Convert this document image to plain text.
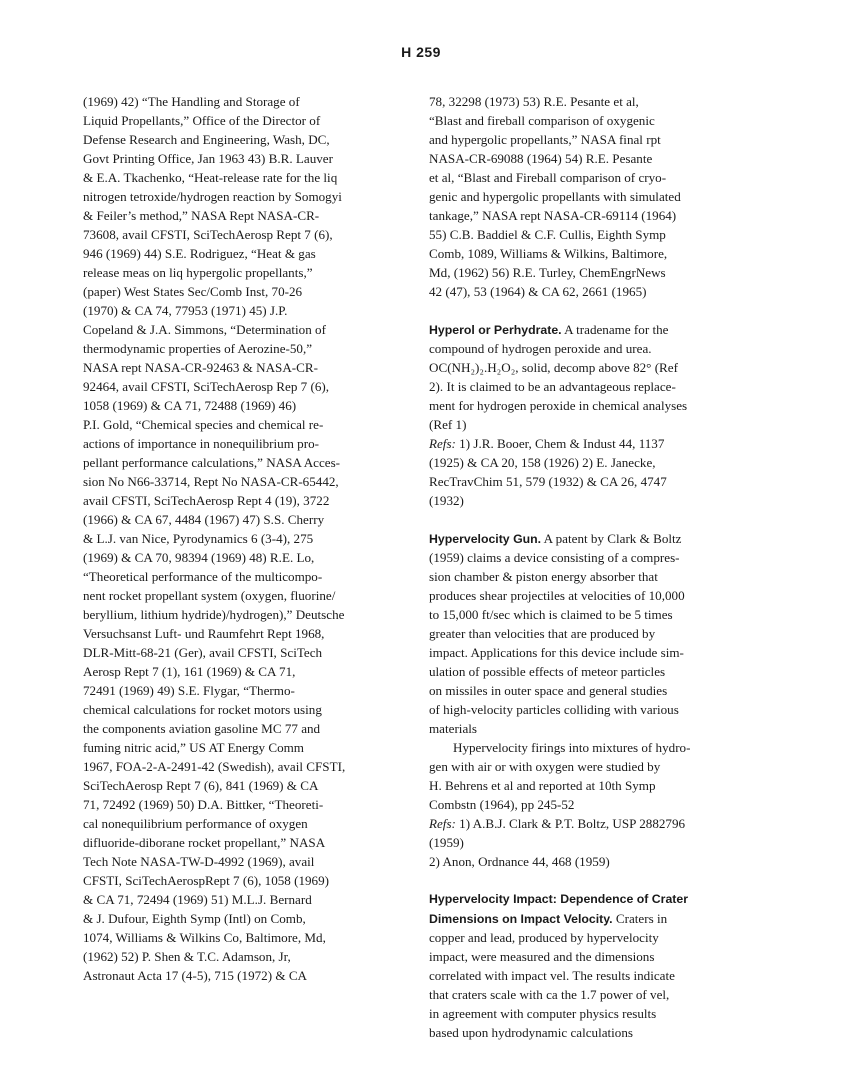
H 259
(1969) 42) “The Handling and Storage of
Liquid Propellants,” Office of the Director of
Defense Research and Engineering, Wash, DC,
Govt Printing Office, Jan 1963 43) B.R. Lauver
& E.A. Tkachenko, “Heat-release rate for the liq
nitrogen tetroxide/hydrogen reaction by Somogyi
& Feiler’s method,” NASA Rept NASA-CR-
73608, avail CFSTI, SciTechAerosp Rept 7 (6),
946 (1969) 44) S.E. Rodriguez, “Heat & gas
release meas on liq hypergolic propellants,”
(paper) West States Sec/Comb Inst, 70-26
(1970) & CA 74, 77953 (1971) 45) J.P.
Copeland & J.A. Simmons, “Determination of
thermodynamic properties of Aerozine-50,”
NASA rept NASA-CR-92463 & NASA-CR-
92464, avail CFSTI, SciTechAerosp Rep 7 (6),
1058 (1969) & CA 71, 72488 (1969) 46)
P.I. Gold, “Chemical species and chemical re-
actions of importance in nonequilibrium pro-
pellant performance calculations,” NASA Acces-
sion No N66-33714, Rept No NASA-CR-65442,
avail CFSTI, SciTechAerosp Rept 4 (19), 3722
(1966) & CA 67, 4484 (1967) 47) S.S. Cherry
& L.J. van Nice, Pyrodynamics 6 (3-4), 275
(1969) & CA 70, 98394 (1969) 48) R.E. Lo,
“Theoretical performance of the multicompo-
nent rocket propellant system (oxygen, fluorine/
beryllium, lithium hydride)/hydrogen),” Deutsche
Versuchsanst Luft- und Raumfehrt Rept 1968,
DLR-Mitt-68-21 (Ger), avail CFSTI, SciTech
Aerosp Rept 7 (1), 161 (1969) & CA 71,
72491 (1969) 49) S.E. Flygar, “Thermo-
chemical calculations for rocket motors using
the components aviation gasoline MC 77 and
fuming nitric acid,” US AT Energy Comm
1967, FOA-2-A-2491-42 (Swedish), avail CFSTI,
SciTechAerosp Rept 7 (6), 841 (1969) & CA
71, 72492 (1969) 50) D.A. Bittker, “Theoreti-
cal nonequilibrium performance of oxygen
difluoride-diborane rocket propellant,” NASA
Tech Note NASA-TW-D-4992 (1969), avail
CFSTI, SciTechAerospRept 7 (6), 1058 (1969)
& CA 71, 72494 (1969) 51) M.L.J. Bernard
& J. Dufour, Eighth Symp (Intl) on Comb,
1074, Williams & Wilkins Co, Baltimore, Md,
(1962) 52) P. Shen & T.C. Adamson, Jr,
Astronaut Acta 17 (4-5), 715 (1972) & CA
78, 32298 (1973) 53) R.E. Pesante et al,
“Blast and fireball comparison of oxygenic
and hypergolic propellants,” NASA final rpt
NASA-CR-69088 (1964) 54) R.E. Pesante
et al, “Blast and Fireball comparison of cryo-
genic and hypergolic propellants with simulated
tankage,” NASA rept NASA-CR-69114 (1964)
55) C.B. Baddiel & C.F. Cullis, Eighth Symp
Comb, 1089, Williams & Wilkins, Baltimore,
Md, (1962) 56) R.E. Turley, ChemEngrNews
42 (47), 53 (1964) & CA 62, 2661 (1965)
Hyperol or Perhydrate. A tradename for the
compound of hydrogen peroxide and urea.
OC(NH₂)₂.H₂O₂, solid, decomp above 82° (Ref
2). It is claimed to be an advantageous replace-
ment for hydrogen peroxide in chemical analyses
(Ref 1)
Refs: 1) J.R. Booer, Chem & Indust 44, 1137
(1925) & CA 20, 158 (1926) 2) E. Janecke,
RecTravChim 51, 579 (1932) & CA 26, 4747
(1932)
Hypervelocity Gun. A patent by Clark & Boltz
(1959) claims a device consisting of a compres-
sion chamber & piston energy absorber that
produces shear projectiles at velocities of 10,000
to 15,000 ft/sec which is claimed to be 5 times
greater than velocities that are produced by
impact. Applications for this device include sim-
ulation of possible effects of meteor particles
on missiles in outer space and general studies
of high-velocity particles colliding with various
materials
Hypervelocity firings into mixtures of hydro-
gen with air or with oxygen were studied by
H. Behrens et al and reported at 10th Symp
Combstn (1964), pp 245-52
Refs: 1) A.B.J. Clark & P.T. Boltz, USP 2882796
(1959)
2) Anon, Ordnance 44, 468 (1959)
Hypervelocity Impact: Dependence of Crater
Dimensions on Impact Velocity. Craters in
copper and lead, produced by hypervelocity
impact, were measured and the dimensions
correlated with impact vel. The results indicate
that craters scale with ca the 1.7 power of vel,
in agreement with computer physics results
based upon hydrodynamic calculations
